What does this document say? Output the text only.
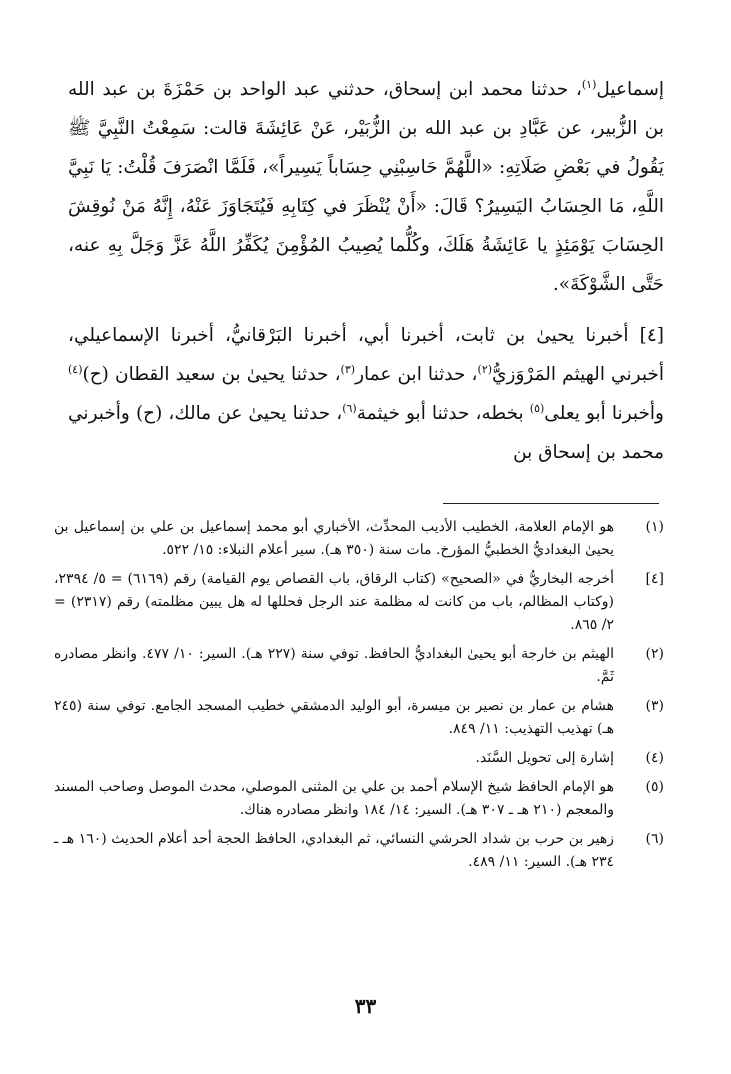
إسماعيل$^{(١)}$، حدثنا محمد ابن إسحاق، حدثني عبد الواحد بن حَمْزَةَ بن عبد الله بن الزُّبير، عن عَبَّادِ بن عبد الله بن الزُّبَيْر، عَنْ عَائِشَةَ قالت: سَمِعْتُ النَّبِيَّ ﷺ يَقُولُ في بَعْضِ صَلَاتِهِ: «اللَّهُمَّ حَاسِبْنِي حِسَاباً يَسِيراً»، فَلَمَّا انْصَرَفَ قُلْتُ: يَا نَبِيَّ اللَّهِ، مَا الحِسَابُ اليَسِيرُ؟ قَالَ: «أَنْ يُنْظَرَ في كِتَابِهِ فَيُتَجَاوَزَ عَنْهُ، إِنَّهُ مَنْ نُوقِشَ الحِسَابَ يَوْمَئِذٍ يا عَائِشَةُ هَلَكَ، وكُلُّما يُصِيبُ المُؤْمِنَ يُكَفِّرُ اللَّهُ عَزَّ وَجَلَّ بِهِ عنه، حَتَّى الشَّوْكَةَ».

[٤] أخبرنا يحيىٰ بن ثابت، أخبرنا أبي، أخبرنا البَرْقانيُّ، أخبرنا الإسماعيلي، أخبرني الهيثم المَرْوَزيُّ$^{(٢)}$، حدثنا ابن عمار$^{(٣)}$، حدثنا يحيىٰ بن سعيد القطان (ح)$^{(٤)}$ وأخبرنا أبو يعلى$^{(٥)}$ بخطه، حدثنا أبو خيثمة$^{(٦)}$، حدثنا يحيىٰ عن مالك، (ح) وأخبرني محمد بن إسحاق بن

(١)
هو الإمام العلامة، الخطيب الأديب المحدِّث، الأخباري أبو محمد إسماعيل بن علي بن إسماعيل بن يحيىٰ البغداديُّ الخطبيُّ المؤرخ. مات سنة (٣٥٠ هـ). سير أعلام النبلاء: ١٥/ ٥٢٢.
[٤]
أخرجه البخاريُّ في «الصحيح» (كتاب الرقاق، باب القصاص يوم القيامة) رقم (٦١٦٩) = ٥/ ٢٣٩٤، (وكتاب المظالم، باب من كانت له مظلمة عند الرجل فحللها له هل يبين مظلمته) رقم (٢٣١٧) = ٢/ ٨٦٥.
(٢)
الهيثم بن خارجة أبو يحيىٰ البغداديُّ الحافظ. توفي سنة (٢٢٧ هـ). السير: ١٠/ ٤٧٧. وانظر مصادره ثَمَّ.
(٣)
هشام بن عمار بن نصير بن ميسرة، أبو الوليد الدمشقي خطيب المسجد الجامع. توفي سنة (٢٤٥ هـ) تهذيب التهذيب: ١١/ ٨٤٩.
(٤)
إشارة إلى تحويل السَّنَد.
(٥)
هو الإمام الحافظ شيخ الإسلام أحمد بن علي بن المثنى الموصلي، محدث الموصل وصاحب المسند والمعجم (٢١٠ هـ ـ ٣٠٧ هـ). السير: ١٤/ ١٨٤ وانظر مصادره هناك.
(٦)
زهير بن حرب بن شداد الحرشي النسائي، ثم البغدادي، الحافظ الحجة أحد أعلام الحديث (١٦٠ هـ ـ ٢٣٤ هـ). السير: ١١/ ٤٨٩.
٣٣
